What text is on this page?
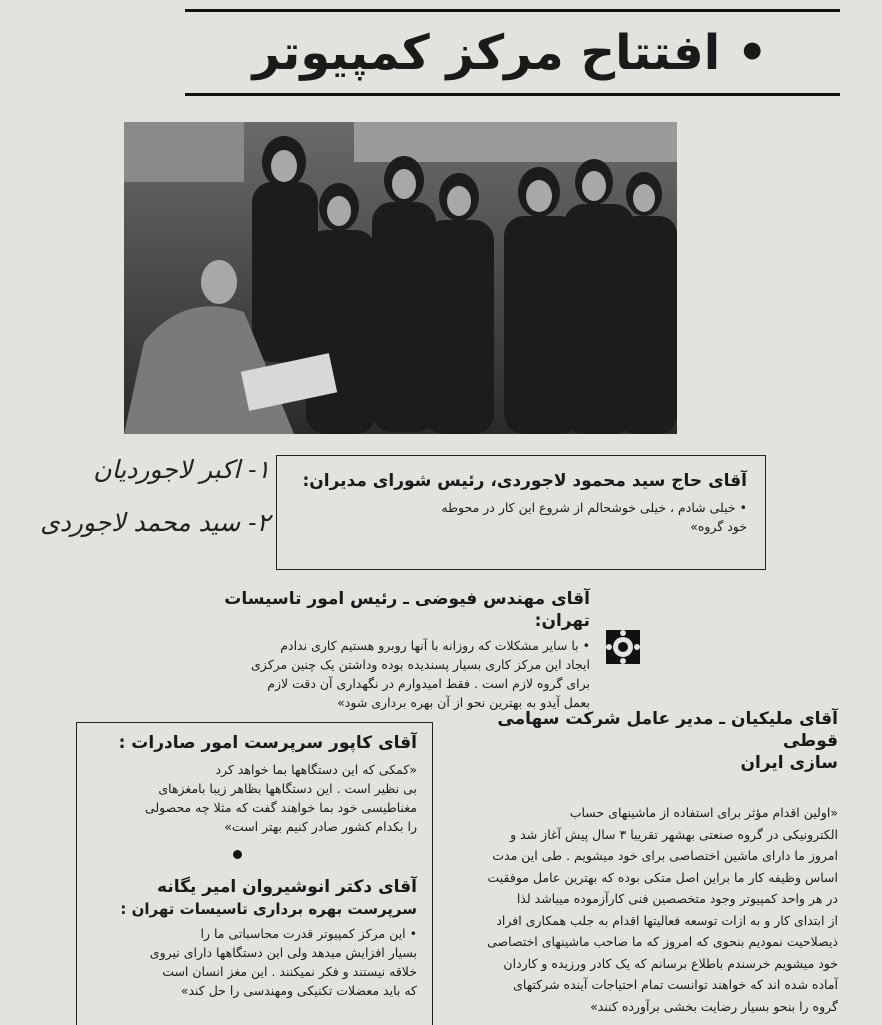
• افتتاح مرکز کمپیوتر
۱- اکبر لاجوردیان
۲- سید محمد لاجوردی
آقای حاج سید محمود لاجوردی، رئیس شورای مدیران:
• خیلی شادم ، خیلی خوشحالم از شروع این کار در محوطه
خود گروه»
آقای مهندس فیوضی ـ رئیس امور تاسیسات تهران:
• با سایر مشکلات که روزانه با آنها روبرو هستیم کاری ندادم
ایجاد این مرکز کاری بسیار پسندیده بوده وداشتن یک چنین مرکزی
برای گروه لازم است . فقط امیدوارم در نگهداری آن دقت لازم
بعمل آیدو به بهترین نحو از آن بهره برداری شود»
آقای کاپور سرپرست امور صادرات :
«کمکی که این دستگاهها بما خواهد کرد
بی نظیر است . این دستگاهها بظاهر زیبا بامغزهای
مغناطیسی خود بما خواهند گفت که مثلا چه محصولی
را بکدام کشور صادر کنیم بهتر است»
آقای دکتر انوشیروان امیر یگانه
سرپرست بهره برداری تاسیسات تهران :
• این مرکز کمپیوتر قدرت محاسباتی ما را
بسیار افزایش میدهد ولی این دستگاهها دارای نیروی
خلاقه نیستند و فکر نمیکنند . این مغز انسان است
که باید معضلات تکنیکی ومهندسی را حل کند»
آقای ملیکیان ـ مدیر عامل شرکت سهامی قوطی
سازی ایران
«اولین اقدام مؤثر برای استفاده از ماشینهای حساب
الکترونیکی در گروه صنعتی بهشهر تقریبا ۳ سال پیش آغاز شد و
امروز ما دارای ماشین اختصاصی برای خود میشویم . طی این مدت
اساس وظیفه کار ما براین اصل متکی بوده که بهترین عامل موفقیت
در هر واحد کمپیوتر وجود متخصصین فنی کارآزموده میباشد لذا
از ابتدای کار و به ازات توسعه فعالیتها اقدام به جلب همکاری افراد
ذیصلاحیت نمودیم بنحوی که امروز که ما صاحب ماشینهای اختصاصی
خود میشویم خرسندم باطلاع برسانم که یک کادر ورزیده و کاردان
آماده شده اند که خواهند توانست تمام احتیاجات آینده شرکتهای
گروه را بنحو بسیار رضایت بخشی برآورده کنند»
